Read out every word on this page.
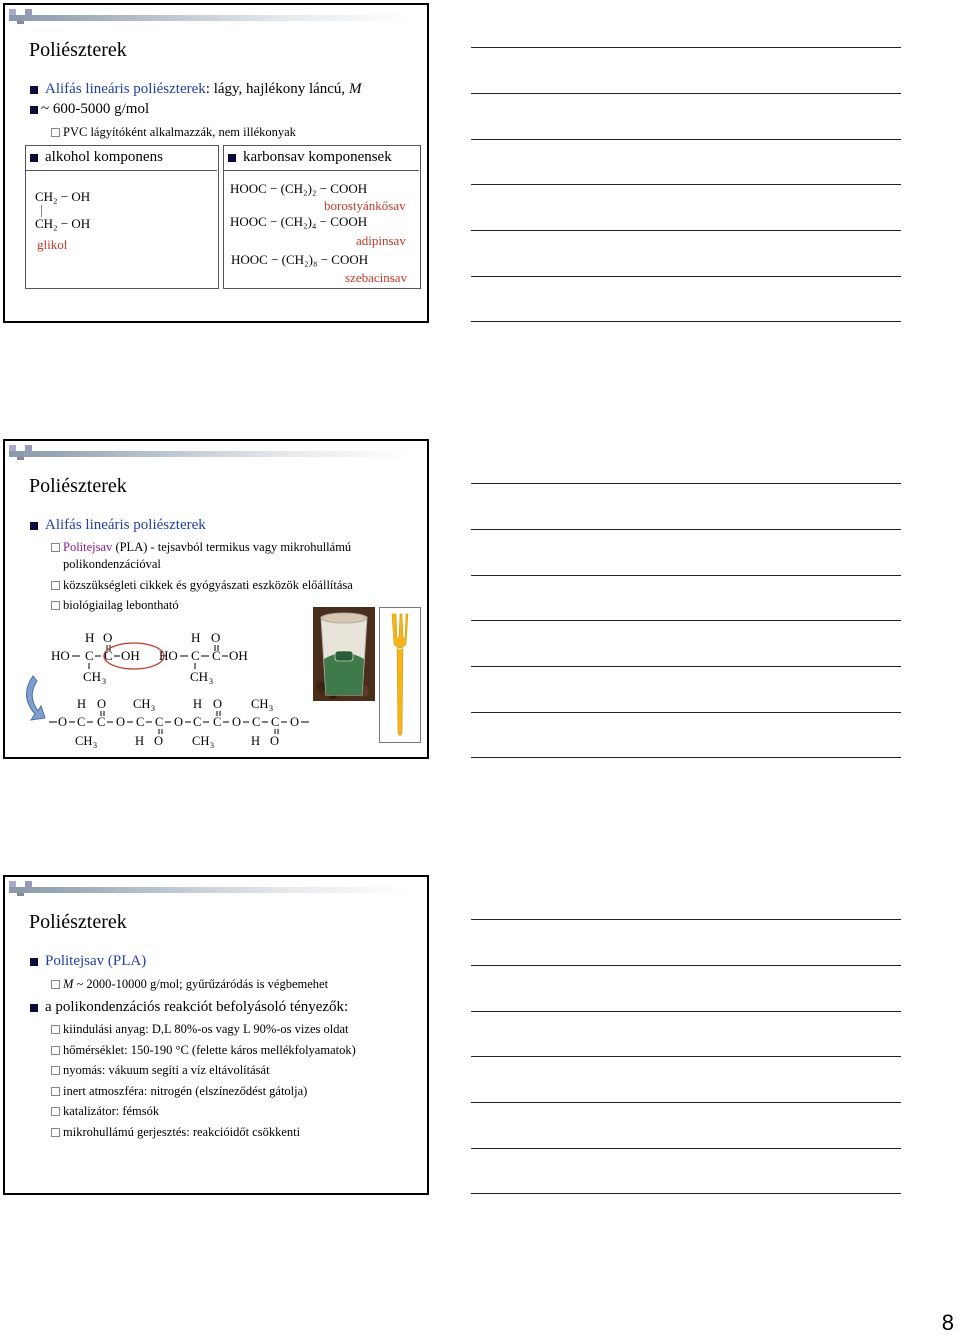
Poliészterek
Alifás lineáris poliészterek: lágy, hajlékony láncú, M
~ 600-5000 g/mol
PVC lágyítóként alkalmazzák, nem illékonyak
alkohol komponens	karbonsav komponensek
CH₂ − OH
CH₂ − OH
glikol
HOOC − (CH₂)₂ − COOH
borostyánkősav
HOOC − (CH₂)₄ − COOH
adipinsav
HOOC − (CH₂)₈ − COOH
szebacinsav
Poliészterek
Alifás lineáris poliészterek
Politejsav (PLA) - tejsavból termikus vagy mikrohullámú
polikondenzációval
közszükségleti cikkek és gyógyászati eszközök előállítása
biológiailag lebontható
H O
HO C C OH
CH 3
H O
HO C C OH
CH 3
H O CH 3	H O CH 3
O C C O C C O C C O C C O
CH 3	H O CH 3	H O
Poliészterek
Politejsav (PLA)
M ~ 2000-10000 g/mol; gyűrűzáródás is végbemehet
a polikondenzációs reakciót befolyásoló tényezők:
kiindulási anyag: D,L 80%-os vagy L 90%-os vizes oldat
hőmérséklet: 150-190 °C (felette káros mellékfolyamatok)
nyomás: vákuum segíti a víz eltávolítását
inert atmoszféra: nitrogén (elszíneződést gátolja)
katalizátor: fémsók
mikrohullámú gerjesztés: reakcióidőt csökkenti
8
